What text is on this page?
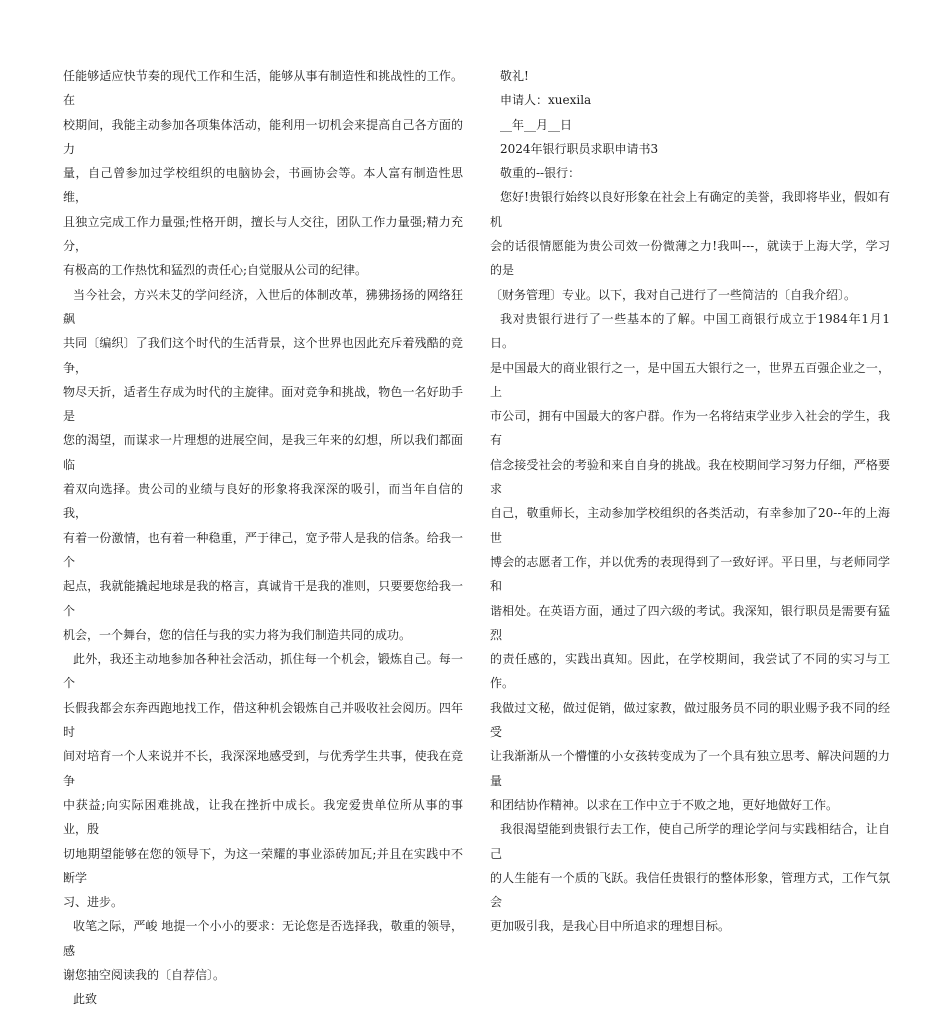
任能够适应快节奏的现代工作和生活，能够从事有制造性和挑战性的工作。在
校期间，我能主动参加各项集体活动，能利用一切机会来提高自己各方面的力
量，自己曾参加过学校组织的电脑协会，书画协会等。本人富有制造性思维，
且独立完成工作力量强;性格开朗，擅长与人交往，团队工作力量强;精力充分，
有极高的工作热忱和猛烈的责任心;自觉服从公司的纪律。

当今社会，方兴未艾的学问经济，入世后的体制改革，狒狒扬扬的网络狂飙
共同〔编织〕了我们这个时代的生活背景，这个世界也因此充斥着残酷的竞争，
物尽天折，适者生存成为时代的主旋律。面对竞争和挑战，物色一名好助手是
您的渴望，而谋求一片理想的进展空间，是我三年来的幻想，所以我们都面临
着双向选择。贵公司的业绩与良好的形象将我深深的吸引，而当年自信的我，
有着一份激情，也有着一种稳重，严于律己，宽予带人是我的信条。给我一个
起点，我就能撬起地球是我的格言，真诚肯干是我的准则，只要要您给我一个
机会，一个舞台，您的信任与我的实力将为我们制造共同的成功。

此外，我还主动地参加各种社会活动，抓住每一个机会，锻炼自己。每一个
长假我都会东奔西跑地找工作，借这种机会锻炼自己并吸收社会阅历。四年时
间对培育一个人来说并不长，我深深地感受到，与优秀学生共事，使我在竞争
中获益;向实际困难挑战，让我在挫折中成长。我宠爱贵单位所从事的事业，殷
切地期望能够在您的领导下，为这一荣耀的事业添砖加瓦;并且在实践中不断学
习、进步。

收笔之际，严峻 地提一个小小的要求：无论您是否选择我，敬重的领导，感
谢您抽空阅读我的〔自荐信〕。

此致

敬礼!

申请人：xuexila

__年__月__日

2024年银行职员求职申请书3

敬重的--银行：

您好!贵银行始终以良好形象在社会上有确定的美誉，我即将毕业，假如有机
会的话很情愿能为贵公司效一份微薄之力!我叫---，就读于上海大学，学习的是
〔财务管理〕专业。以下，我对自己进行了一些简洁的〔自我介绍〕。

我对贵银行进行了一些基本的了解。中国工商银行成立于1984年1月1日。
是中国最大的商业银行之一，是中国五大银行之一，世界五百强企业之一，上
市公司，拥有中国最大的客户群。作为一名将结束学业步入社会的学生，我有
信念接受社会的考验和来自自身的挑战。我在校期间学习努力仔细，严格要求
自己，敬重师长，主动参加学校组织的各类活动，有幸参加了20--年的上海世
博会的志愿者工作，并以优秀的表现得到了一致好评。平日里，与老师同学和
谐相处。在英语方面，通过了四六级的考试。我深知，银行职员是需要有猛烈
的责任感的，实践出真知。因此，在学校期间，我尝试了不同的实习与工作。
我做过文秘，做过促销，做过家教，做过服务员不同的职业赐予我不同的经受
让我渐渐从一个懵懂的小女孩转变成为了一个具有独立思考、解决问题的力量
和团结协作精神。以求在工作中立于不败之地，更好地做好工作。

我很渴望能到贵银行去工作，使自己所学的理论学问与实践相结合，让自己
的人生能有一个质的飞跃。我信任贵银行的整体形象，管理方式，工作气氛会
更加吸引我，是我心目中所追求的理想目标。
